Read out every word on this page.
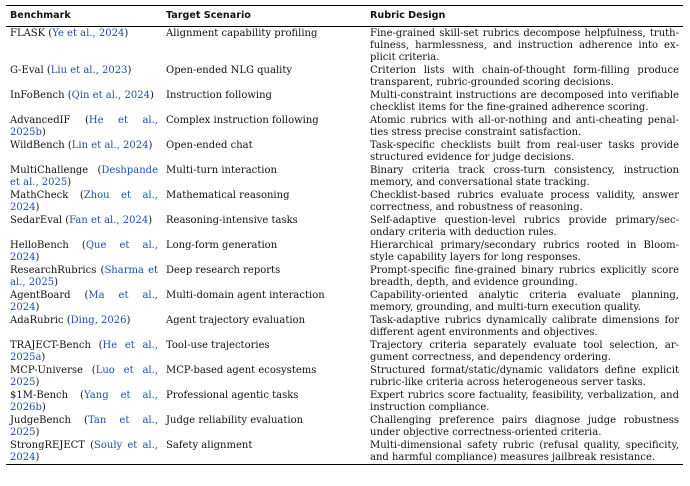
Benchmark	Target Scenario	Rubric Design

FLASK (Ye et al., 2024)	Alignment capability profiling	Fine-grained skill-set rubrics decompose helpfulness, truthfulness, harmlessness, and instruction adherence into explicit criteria.

G-Eval (Liu et al., 2023)	Open-ended NLG quality	Criterion lists with chain-of-thought form-filling produce transparent, rubric-grounded scoring decisions.

InFoBench (Qin et al., 2024)	Instruction following	Multi-constraint instructions are decomposed into verifiable checklist items for the fine-grained adherence scoring.

AdvancedIF (He et al., 2025b)	Complex instruction following	Atomic rubrics with all-or-nothing and anti-cheating penalties stress precise constraint satisfaction.

WildBench (Lin et al., 2024)	Open-ended chat	Task-specific checklists built from real-user tasks provide structured evidence for judge decisions.

MultiChallenge (Deshpande et al., 2025)	Multi-turn interaction	Binary criteria track cross-turn consistency, instruction memory, and conversational state tracking.

MathCheck (Zhou et al., 2024)	Mathematical reasoning	Checklist-based rubrics evaluate process validity, answer correctness, and robustness of reasoning.

SedarEval (Fan et al., 2024)	Reasoning-intensive tasks	Self-adaptive question-level rubrics provide primary/secondary criteria with deduction rules.

HelloBench (Que et al., 2024)	Long-form generation	Hierarchical primary/secondary rubrics rooted in Bloom-style capability layers for long responses.

ResearchRubrics (Sharma et al., 2025)	Deep research reports	Prompt-specific fine-grained binary rubrics explicitly score breadth, depth, and evidence grounding.

AgentBoard (Ma et al., 2024)	Multi-domain agent interaction	Capability-oriented analytic criteria evaluate planning, memory, grounding, and multi-turn execution quality.

AdaRubric (Ding, 2026)	Agent trajectory evaluation	Task-adaptive rubrics dynamically calibrate dimensions for different agent environments and objectives.

TRAJECT-Bench (He et al., 2025a)	Tool-use trajectories	Trajectory criteria separately evaluate tool selection, argument correctness, and dependency ordering.

MCP-Universe (Luo et al., 2025)	MCP-based agent ecosystems	Structured format/static/dynamic validators define explicit rubric-like criteria across heterogeneous server tasks.

$1M-Bench (Yang et al., 2026b)	Professional agentic tasks	Expert rubrics score factuality, feasibility, verbalization, and instruction compliance.

JudgeBench (Tan et al., 2025)	Judge reliability evaluation	Challenging preference pairs diagnose judge robustness under objective correctness-oriented criteria.

StrongREJECT (Souly et al., 2024)	Safety alignment	Multi-dimensional safety rubric (refusal quality, specificity, and harmful compliance) measures jailbreak resistance.
